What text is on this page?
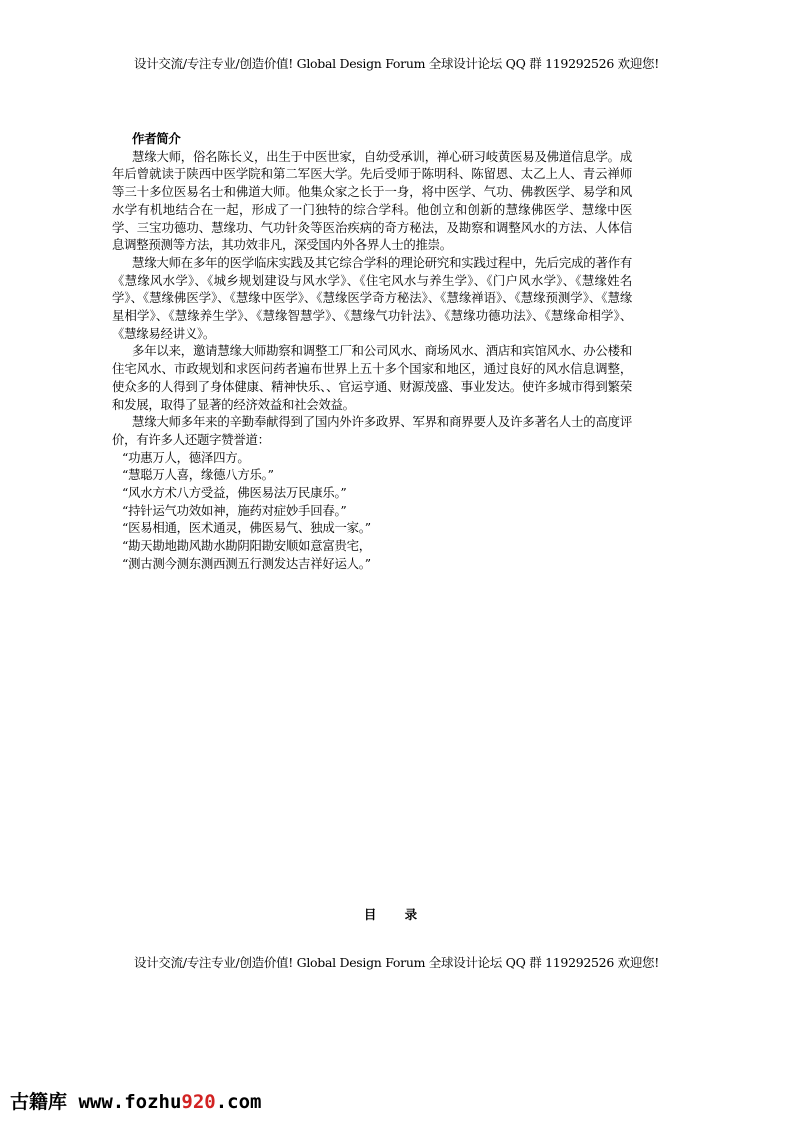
设计交流/专注专业/创造价值! Global Design Forum 全球设计论坛 QQ 群 119292526 欢迎您!

作者简介

慧缘大师，俗名陈长义，出生于中医世家，自幼受承训，禅心研习岐黄医易及佛道信息学。成年后曾就读于陕西中医学院和第二军医大学。先后受师于陈明科、陈留恩、太乙上人、青云禅师等三十多位医易名士和佛道大师。他集众家之长于一身，将中医学、气功、佛教医学、易学和风水学有机地结合在一起，形成了一门独特的综合学科。他创立和创新的慧缘佛医学、慧缘中医学、三宝功德功、慧缘功、气功针灸等医治疾病的奇方秘法，及勘察和调整风水的方法、人体信息调整预测等方法，其功效非凡，深受国内外各界人士的推崇。

慧缘大师在多年的医学临床实践及其它综合学科的理论研究和实践过程中，先后完成的著作有《慧缘风水学》、《城乡规划建设与风水学》、《住宅风水与养生学》、《门户风水学》、《慧缘姓名学》、《慧缘佛医学》、《慧缘中医学》、《慧缘医学奇方秘法》、《慧缘禅语》、《慧缘预测学》、《慧缘星相学》、《慧缘养生学》、《慧缘智慧学》、《慧缘气功针法》、《慧缘功德功法》、《慧缘命相学》、《慧缘易经讲义》。

多年以来，邀请慧缘大师勘察和调整工厂和公司风水、商场风水、酒店和宾馆风水、办公楼和住宅风水、市政规划和求医问药者遍布世界上五十多个国家和地区，通过良好的风水信息调整，使众多的人得到了身体健康、精神快乐、、官运亨通、财源茂盛、事业发达。使许多城市得到繁荣和发展，取得了显著的经济效益和社会效益。

慧缘大师多年来的辛勤奉献得到了国内外许多政界、军界和商界要人及许多著名人士的高度评价，有许多人还题字赞誉道：

“功惠万人，德泽四方。

“慧聪万人喜，缘德八方乐。”

“风水方术八方受益，佛医易法万民康乐。”

“持针运气功效如神，施药对症妙手回春。”

“医易相通，医术通灵，佛医易气、独成一家。”

“勘天勘地勘风勘水勘阴阳勘安顺如意富贵宅，

“测古测今测东测西测五行测发达吉祥好运人。”

目 录
设计交流/专注专业/创造价值! Global Design Forum 全球设计论坛 QQ 群 119292526 欢迎您!
古籍库 www.fozhu920.com
